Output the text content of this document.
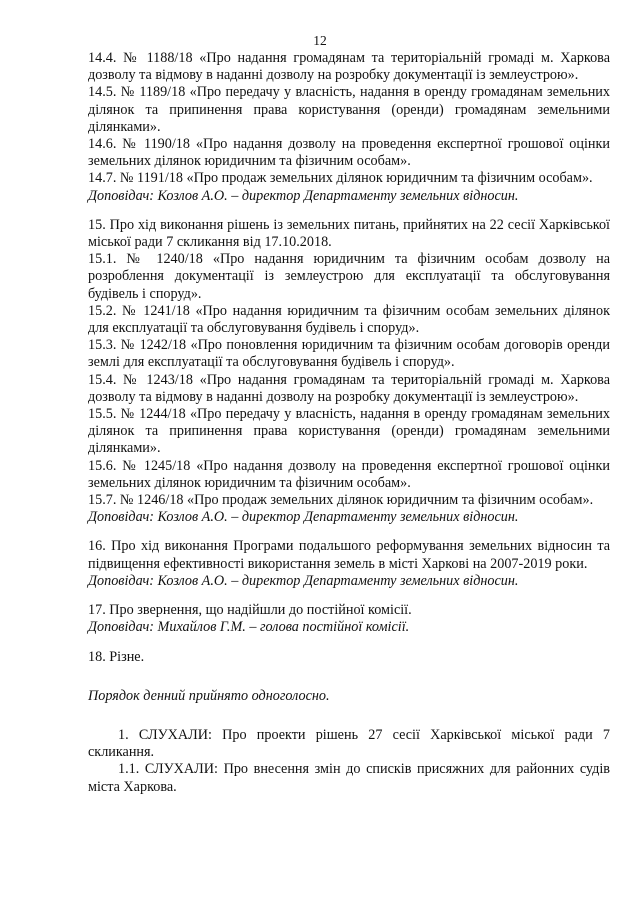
12

14.4. № 1188/18 «Про надання громадянам та територіальній громаді м. Харкова дозволу та відмову в наданні дозволу на розробку документації із землеустрою».

14.5. № 1189/18 «Про передачу у власність, надання в оренду громадянам земельних ділянок та припинення права користування (оренди) громадянам земельними ділянками».

14.6. № 1190/18 «Про надання дозволу на проведення експертної грошової оцінки земельних ділянок юридичним та фізичним особам».

14.7. № 1191/18 «Про продаж земельних ділянок юридичним та фізичним особам».

Доповідач: Козлов А.О. – директор Департаменту земельних відносин.

15. Про хід виконання рішень із земельних питань, прийнятих на 22 сесії Харківської міської ради 7 скликання від 17.10.2018.

15.1. № 1240/18 «Про надання юридичним та фізичним особам дозволу на розроблення документації із землеустрою для експлуатації та обслуговування будівель і споруд».

15.2. № 1241/18 «Про надання юридичним та фізичним особам земельних ділянок для експлуатації та обслуговування будівель і споруд».

15.3. № 1242/18 «Про поновлення юридичним та фізичним особам договорів оренди землі для експлуатації та обслуговування будівель і споруд».

15.4. № 1243/18 «Про надання громадянам та територіальній громаді м. Харкова дозволу та відмову в наданні дозволу на розробку документації із землеустрою».

15.5. № 1244/18 «Про передачу у власність, надання в оренду громадянам земельних ділянок та припинення права користування (оренди) громадянам земельними ділянками».

15.6. № 1245/18 «Про надання дозволу на проведення експертної грошової оцінки земельних ділянок юридичним та фізичним особам».

15.7. № 1246/18 «Про продаж земельних ділянок юридичним та фізичним особам».

Доповідач: Козлов А.О. – директор Департаменту земельних відносин.

16. Про хід виконання Програми подальшого реформування земельних відносин та підвищення ефективності використання земель в місті Харкові на 2007-2019 роки.

Доповідач: Козлов А.О. – директор Департаменту земельних відносин.

17. Про звернення, що надійшли до постійної комісії.

Доповідач: Михайлов Г.М. – голова постійної комісії.

18. Різне.

Порядок денний прийнято одноголосно.

1. СЛУХАЛИ: Про проекти рішень 27 сесії Харківської міської ради 7 скликання.

1.1. СЛУХАЛИ: Про внесення змін до списків присяжних для районних судів міста Харкова.
